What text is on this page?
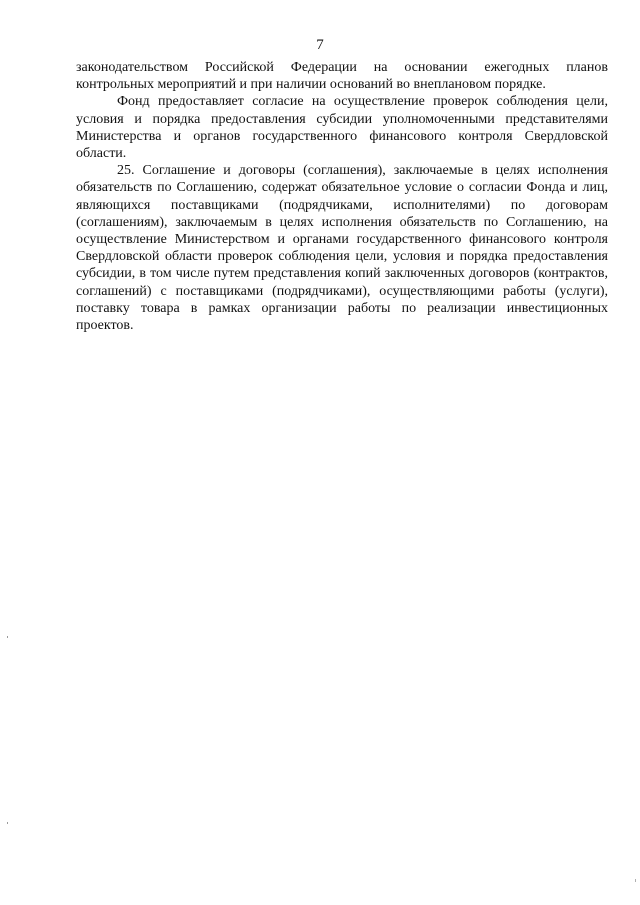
7

законодательством Российской Федерации на основании ежегодных планов контрольных мероприятий и при наличии оснований во внеплановом порядке.

Фонд предоставляет согласие на осуществление проверок соблюдения цели, условия и порядка предоставления субсидии уполномоченными представителями Министерства и органов государственного финансового контроля Свердловской области.

25. Соглашение и договоры (соглашения), заключаемые в целях исполнения обязательств по Соглашению, содержат обязательное условие о согласии Фонда и лиц, являющихся поставщиками (подрядчиками, исполнителями) по договорам (соглашениям), заключаемым в целях исполнения обязательств по Соглашению, на осуществление Министерством и органами государственного финансового контроля Свердловской области проверок соблюдения цели, условия и порядка предоставления субсидии, в том числе путем представления копий заключенных договоров (контрактов, соглашений) с поставщиками (подрядчиками), осуществляющими работы (услуги), поставку товара в рамках организации работы по реализации инвестиционных проектов.
